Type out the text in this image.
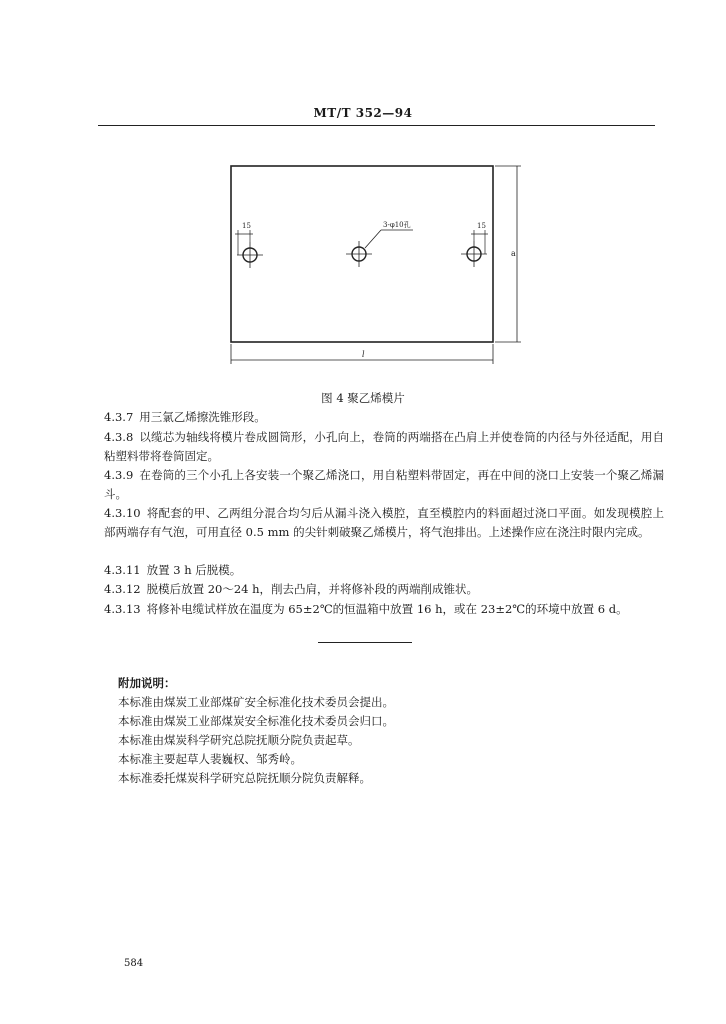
MT/T 352—94
15	15
3-φ10孔
a
l
图 4 聚乙烯模片
4.3.7 用三氯乙烯擦洗锥形段。
4.3.8 以缆芯为轴线将模片卷成圆筒形，小孔向上，卷筒的两端搭在凸肩上并使卷筒的内径与外径适配，用自粘塑料带将卷筒固定。
4.3.9 在卷筒的三个小孔上各安装一个聚乙烯浇口，用自粘塑料带固定，再在中间的浇口上安装一个聚乙烯漏斗。
4.3.10 将配套的甲、乙两组分混合均匀后从漏斗浇入模腔，直至模腔内的料面超过浇口平面。如发现模腔上部两端存有气泡，可用直径 0.5 mm 的尖针刺破聚乙烯模片，将气泡排出。上述操作应在浇注时限内完成。
4.3.11 放置 3 h 后脱模。
4.3.12 脱模后放置 20～24 h，削去凸肩，并将修补段的两端削成锥状。
4.3.13 将修补电缆试样放在温度为 65±2℃的恒温箱中放置 16 h，或在 23±2℃的环境中放置 6 d。
附加说明：
本标准由煤炭工业部煤矿安全标准化技术委员会提出。
本标准由煤炭工业部煤炭安全标准化技术委员会归口。
本标准由煤炭科学研究总院抚顺分院负责起草。
本标准主要起草人裴巍权、邹秀岭。
本标准委托煤炭科学研究总院抚顺分院负责解释。
584
